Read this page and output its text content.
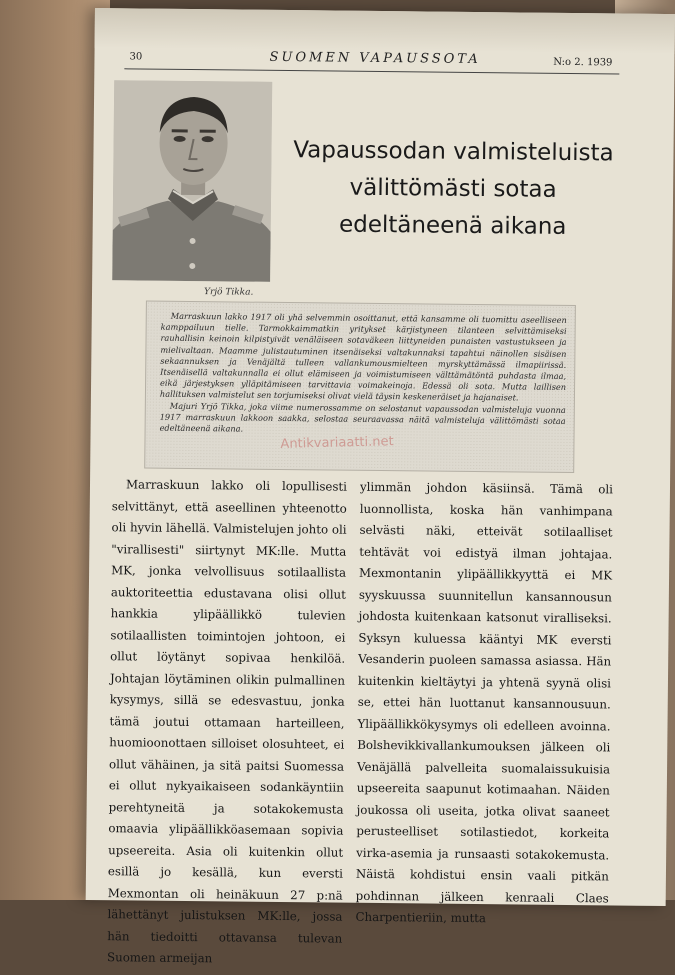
30	SUOMEN VAPAUSSOTA	N:o 2. 1939
Yrjö Tikka.
Vapaussodan valmisteluista välittömästi sotaa edeltäneenä aikana

Marraskuun lakko 1917 oli yhä selvemmin osoittanut, että kansamme oli tuomittu aseelliseen kamppailuun tielle. Tarmokkaimmatkin yritykset kärjistyneen tilanteen selvittämiseksi rauhallisin keinoin kilpistyivät venäläiseen sotaväkeen liittyneiden punaisten vastustukseen ja mielivaltaan. Maamme julistautuminen itsenäiseksi valtakunnaksi tapahtui näinollen sisäisen sekaannuksen ja Venäjältä tulleen vallankumousmielteen myrskyttämässä ilmapiirissä. Itsenäisellä valtakunnalla ei ollut elämiseen ja voimistumiseen välttämätöntä puhdasta ilmaa, eikä järjestyksen ylläpitämiseen tarvittavia voimakeinoja. Edessä oli sota. Mutta laillisen hallituksen valmistelut sen torjumiseksi olivat vielä täysin keskeneräiset ja hajanaiset.

Majuri Yrjö Tikka, joka viime numerossamme on selostanut vapaussodan valmisteluja vuonna 1917 marraskuun lakkoon saakka, selostaa seuraavassa näitä valmisteluja välittömästi sotaa edeltäneenä aikana.

Antikvariaatti.net

Marraskuun lakko oli lopullisesti selvittänyt, että aseellinen yhteenotto oli hyvin lähellä. Valmistelujen johto oli "virallisesti" siirtynyt MK:lle. Mutta MK, jonka velvollisuus sotilaallista auktoriteettia edustavana olisi ollut hankkia ylipäällikkö tulevien sotilaallisten toimintojen johtoon, ei ollut löytänyt sopivaa henkilöä. Johtajan löytäminen olikin pulmallinen kysymys, sillä se edesvastuu, jonka tämä joutui ottamaan harteilleen, huomioonottaen silloiset olosuhteet, ei ollut vähäinen, ja sitä paitsi Suomessa ei ollut nykyaikaiseen sodankäyntiin perehtyneitä ja sotakokemusta omaavia ylipäällikköasemaan sopivia upseereita. Asia oli kuitenkin ollut esillä jo kesällä, kun eversti Mexmontan oli heinäkuun 27 p:nä lähettänyt julistuksen MK:lle, jossa hän tiedoitti ottavansa tulevan Suomen armeijan

ylimmän johdon käsiinsä. Tämä oli luonnollista, koska hän vanhimpana selvästi näki, etteivät sotilaalliset tehtävät voi edistyä ilman johtajaa. Mexmontanin ylipäällikkyyttä ei MK syyskuussa suunnitellun kansannousun johdosta kuitenkaan katsonut viralliseksi. Syksyn kuluessa kääntyi MK eversti Vesanderin puoleen samassa asiassa. Hän kuitenkin kieltäytyi ja yhtenä syynä olisi se, ettei hän luottanut kansannousuun. Ylipäällikkökysymys oli edelleen avoinna. Bolshevikkivallankumouksen jälkeen oli Venäjällä palvelleita suomalaissukuisia upseereita saapunut kotimaahan. Näiden joukossa oli useita, jotka olivat saaneet perusteelliset sotilastiedot, korkeita virka-asemia ja runsaasti sotakokemusta. Näistä kohdistui ensin vaali pitkän pohdinnan jälkeen kenraali Claes Charpentieriin, mutta
